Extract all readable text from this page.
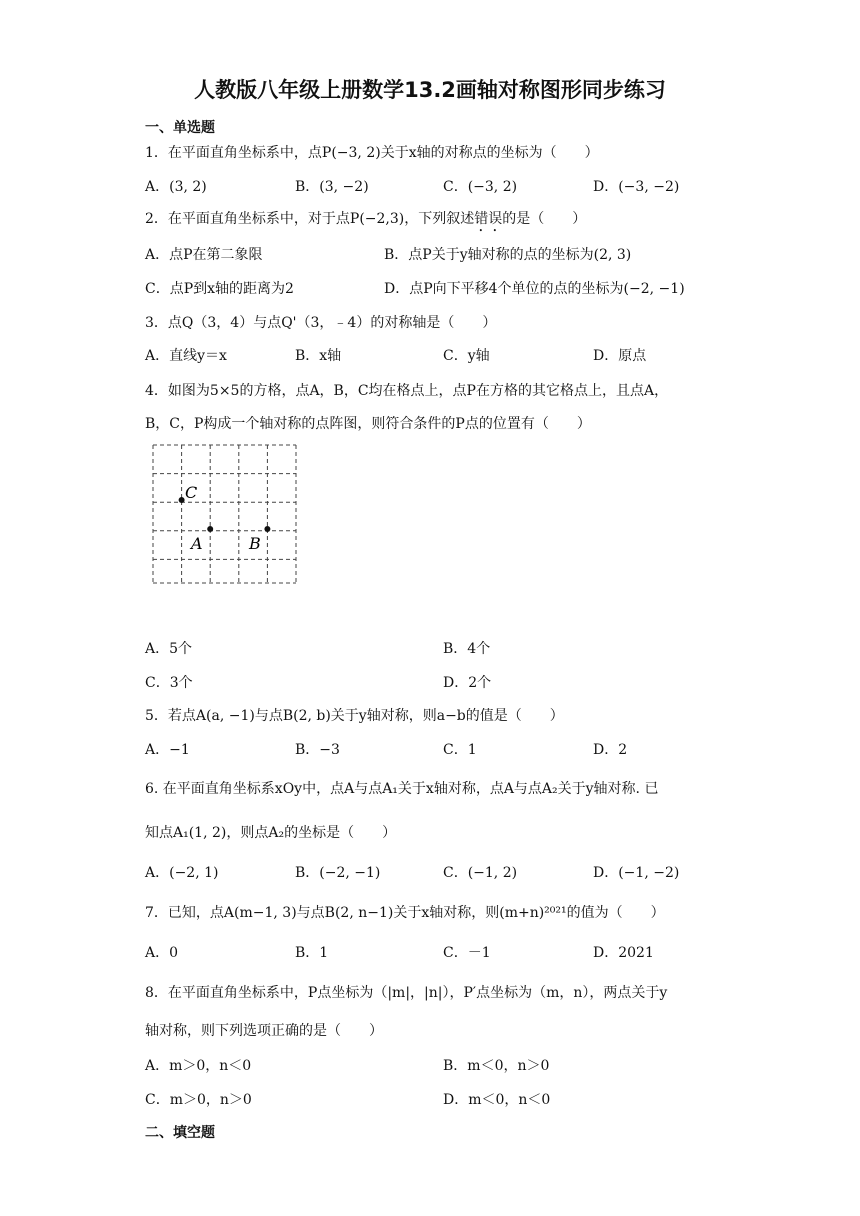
人教版八年级上册数学13.2画轴对称图形同步练习
一、单选题
1．在平面直角坐标系中，点P(−3, 2)关于x轴的对称点的坐标为（　　）
A．(3, 2)	B．(3, −2)	C．(−3, 2)	D．(−3, −2)
2．在平面直角坐标系中，对于点P(−2,3)，下列叙述错误的是（　　）
A．点P在第二象限	B．点P关于y轴对称的点的坐标为(2, 3)
C．点P到x轴的距离为2	D．点P向下平移4个单位的点的坐标为(−2, −1)
3．点Q（3，4）与点Q'（3，﹣4）的对称轴是（　　）
A．直线y＝x	B．x轴	C．y轴	D．原点
4．如图为5×5的方格，点A，B，C均在格点上，点P在方格的其它格点上，且点A，
B，C，P构成一个轴对称的点阵图，则符合条件的P点的位置有（　　）
C
A	B
A．5个	B．4个
C．3个	D．2个
5．若点A(a, −1)与点B(2, b)关于y轴对称，则a−b的值是（　　）
A．−1	B．−3	C．1	D．2
6. 在平面直角坐标系xOy中，点A与点A₁关于x轴对称，点A与点A₂关于y轴对称. 已
知点A₁(1, 2)，则点A₂的坐标是（　　）
A．(−2, 1)	B．(−2, −1)	C．(−1, 2)	D．(−1, −2)
7．已知，点A(m−1, 3)与点B(2, n−1)关于x轴对称，则(m+n)²⁰²¹的值为（　　）
A．0	B．1	C．－1	D．2021
8．在平面直角坐标系中，P点坐标为（|m|，|n|），P′点坐标为（m，n），两点关于y
轴对称，则下列选项正确的是（　　）
A．m＞0，n＜0	B．m＜0，n＞0
C．m＞0，n＞0	D．m＜0，n＜0
二、填空题
